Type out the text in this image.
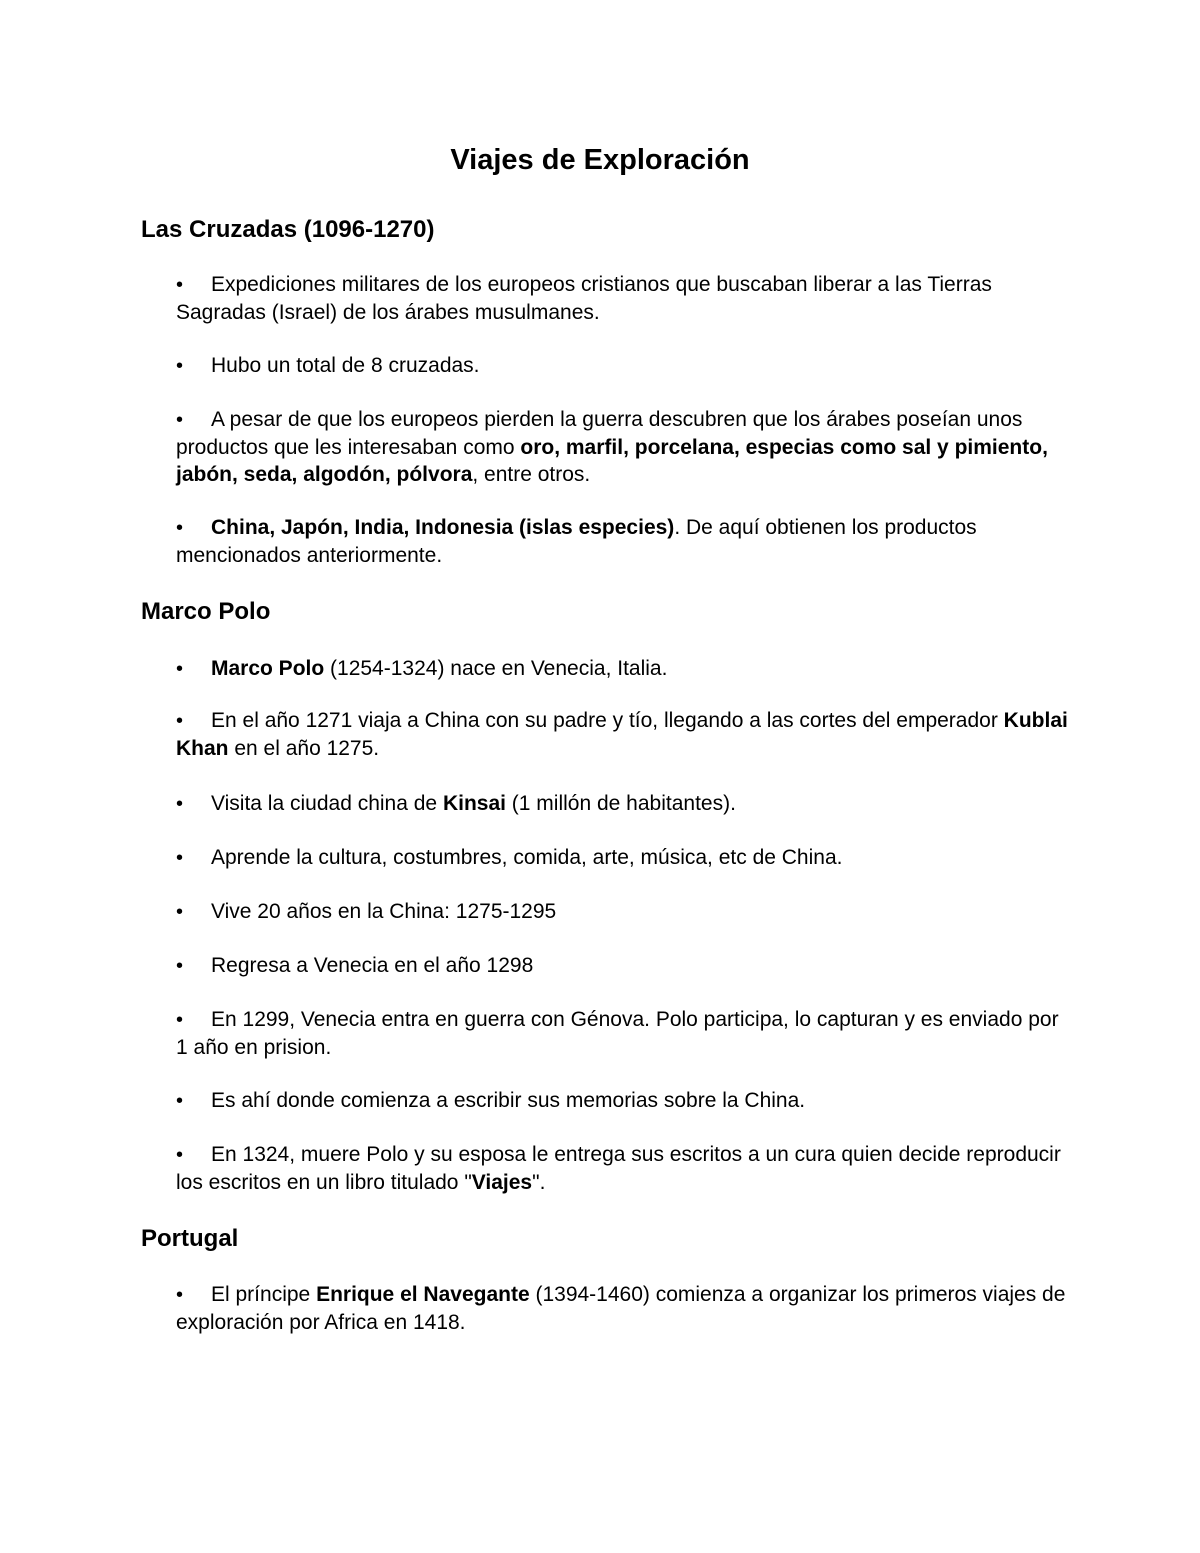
Viajes de Exploración
Las Cruzadas (1096-1270)

• Expediciones militares de los europeos cristianos que buscaban liberar a las Tierras Sagradas (Israel) de los árabes musulmanes.

• Hubo un total de 8 cruzadas.

• A pesar de que los europeos pierden la guerra descubren que los árabes poseían unos productos que les interesaban como oro, marfil, porcelana, especias como sal y pimiento, jabón, seda, algodón, pólvora, entre otros.

• China, Japón, India, Indonesia (islas especies). De aquí obtienen los productos mencionados anteriormente.

Marco Polo

• Marco Polo (1254-1324) nace en Venecia, Italia.

• En el año 1271 viaja a China con su padre y tío, llegando a las cortes del emperador Kublai Khan en el año 1275.

• Visita la ciudad china de Kinsai (1 millón de habitantes).

• Aprende la cultura, costumbres, comida, arte, música, etc de China.

• Vive 20 años en la China: 1275-1295

• Regresa a Venecia en el año 1298

• En 1299, Venecia entra en guerra con Génova. Polo participa, lo capturan y es enviado por 1 año en prision.

• Es ahí donde comienza a escribir sus memorias sobre la China.

• En 1324, muere Polo y su esposa le entrega sus escritos a un cura quien decide reproducir los escritos en un libro titulado "Viajes".

Portugal

• El príncipe Enrique el Navegante (1394-1460) comienza a organizar los primeros viajes de exploración por Africa en 1418.
